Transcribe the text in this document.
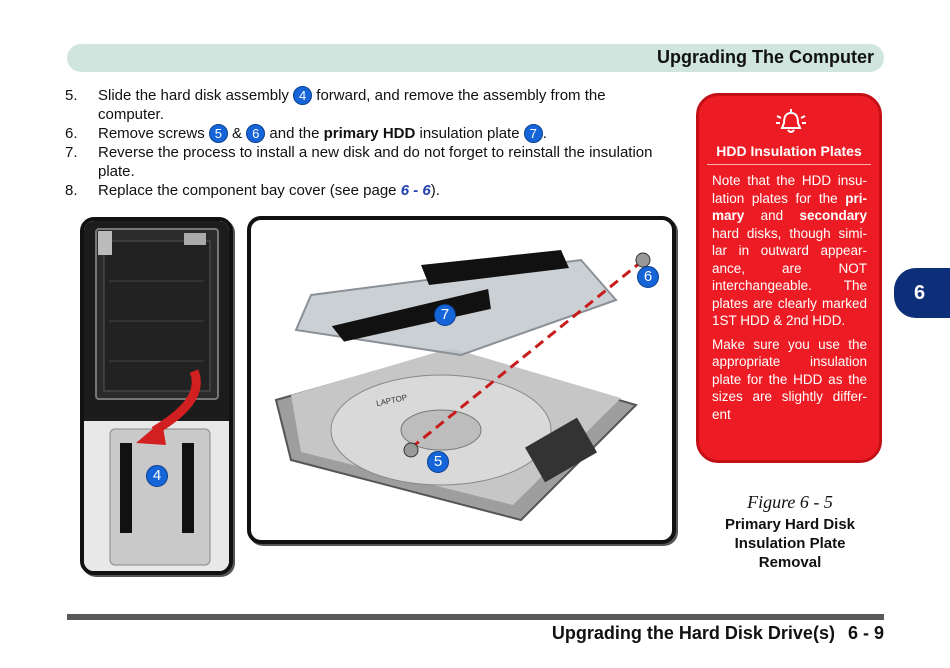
Upgrading The Computer
5.	Slide the hard disk assembly 4 forward, and remove the assembly from the computer.
6.	Remove screws 5 & 6 and the primary HDD insulation plate 7 .
7.	Reverse the process to install a new disk and do not forget to reinstall the insulation plate.
8.	Replace the component bay cover (see page 6 - 6).
4
7
6
5
LAPTOP
HDD Insulation Plates

Note that the HDD insu-lation plates for the pri-mary and secondary hard disks, though simi-lar in outward appear-ance, are NOT interchangeable. The plates are clearly marked 1ST HDD & 2nd HDD.

Make sure you use the appropriate insulation plate for the HDD as the sizes are slightly differ-ent

Figure 6 - 5
Primary Hard Disk
Insulation Plate
Removal
6
Upgrading the Hard Disk Drive(s) 6 - 9
